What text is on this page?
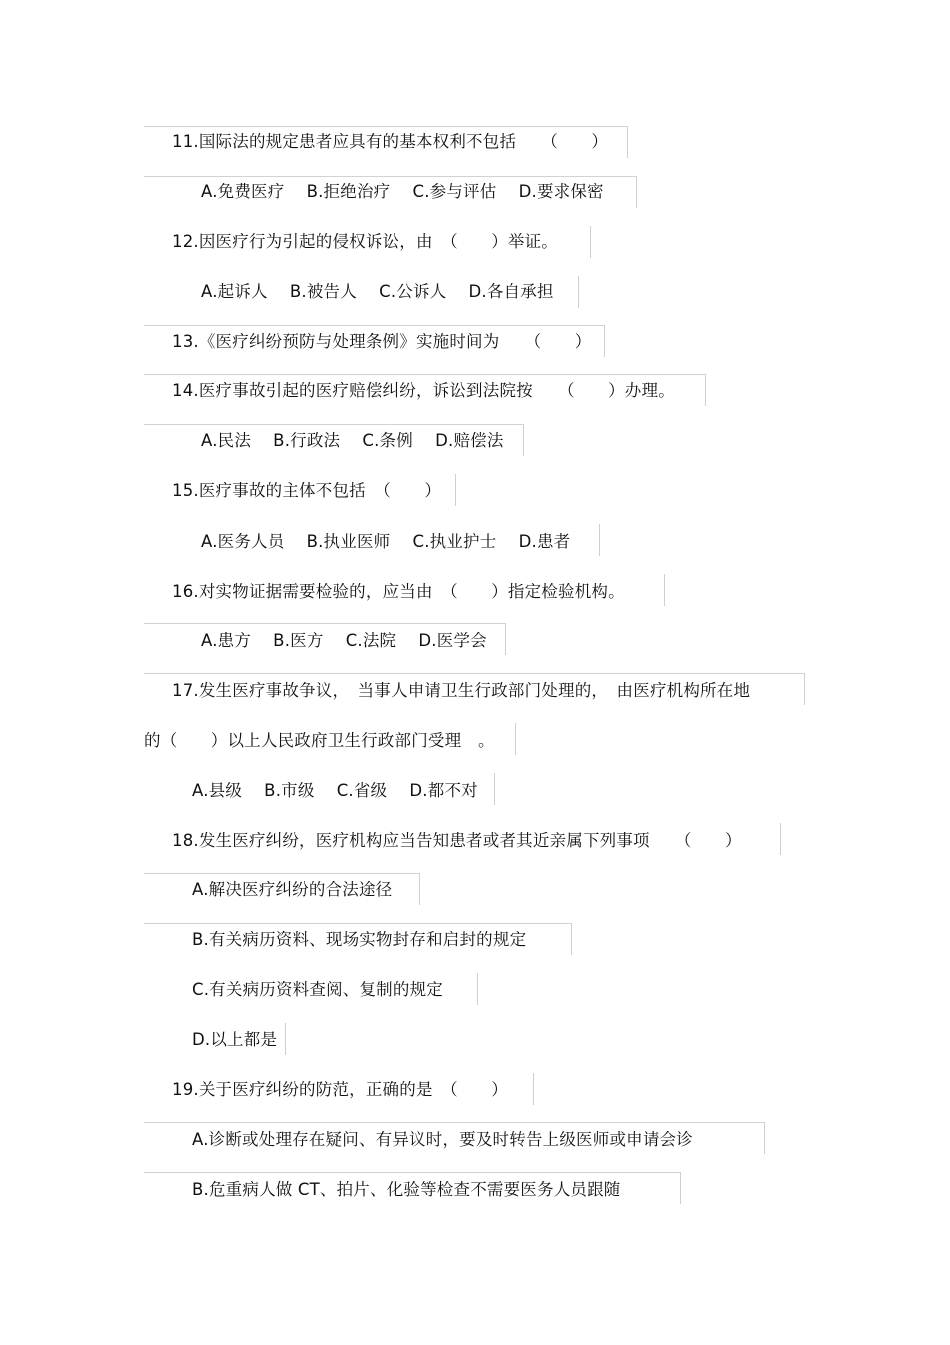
11.国际法的规定患者应具有的基本权利不包括　　（　　）
A.免费医疗　 B.拒绝治疗　 C.参与评估　 D.要求保密
12.因医疗行为引起的侵权诉讼，由　（　　）举证。
A.起诉人　 B.被告人　 C.公诉人　 D.各自承担
13.《医疗纠纷预防与处理条例》实施时间为　　（　　）
14.医疗事故引起的医疗赔偿纠纷，诉讼到法院按　　（　　）办理。
A.民法　 B.行政法　 C.条例　 D.赔偿法
15.医疗事故的主体不包括　（　　）
A.医务人员　 B.执业医师　 C.执业护士　 D.患者
16.对实物证据需要检验的，应当由　（　　）指定检验机构。
A.患方　 B.医方　 C.法院　 D.医学会
17.发生医疗事故争议，　当事人申请卫生行政部门处理的，　由医疗机构所在地
的（　　）以上人民政府卫生行政部门受理　。
A.县级　 B.市级　 C.省级　 D.都不对
18.发生医疗纠纷，医疗机构应当告知患者或者其近亲属下列事项　　（　　）
A.解决医疗纠纷的合法途径
B.有关病历资料、现场实物封存和启封的规定
C.有关病历资料查阅、复制的规定
D.以上都是
19.关于医疗纠纷的防范，正确的是　（　　）
A.诊断或处理存在疑问、有异议时，要及时转告上级医师或申请会诊
B.危重病人做 CT、拍片、化验等检查不需要医务人员跟随
